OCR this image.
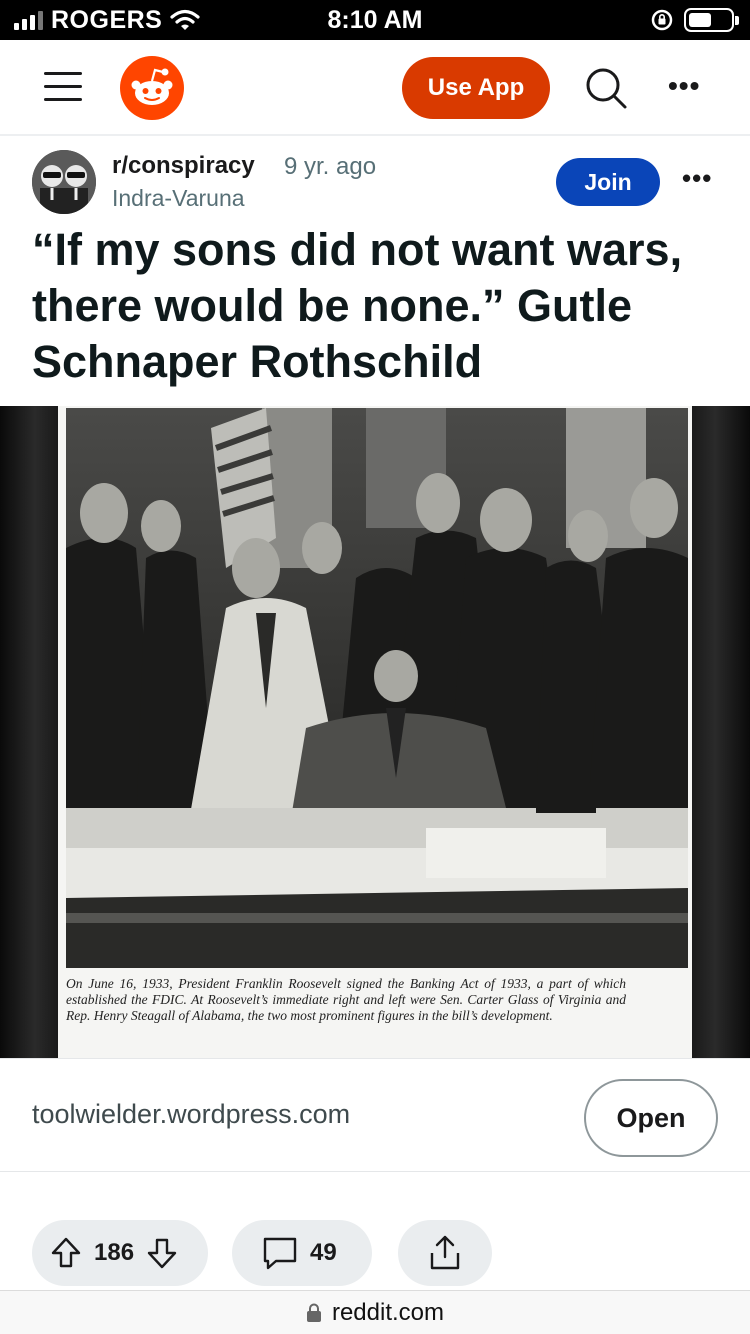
ROGERS	8:10 AM
Use App	•••
r/conspiracy 9 yr. ago
Indra-Varuna
Join	•••
“If my sons did not want wars, there would be none.” Gutle Schnaper Rothschild

On June 16, 1933, President Franklin Roosevelt signed the Banking Act of 1933, a part of which established the FDIC. At Roosevelt’s immediate right and left were Sen. Carter Glass of Virginia and Rep. Henry Steagall of Alabama, the two most prominent figures in the bill’s development.

toolwielder.wordpress.com	Open
186	49
reddit.com
